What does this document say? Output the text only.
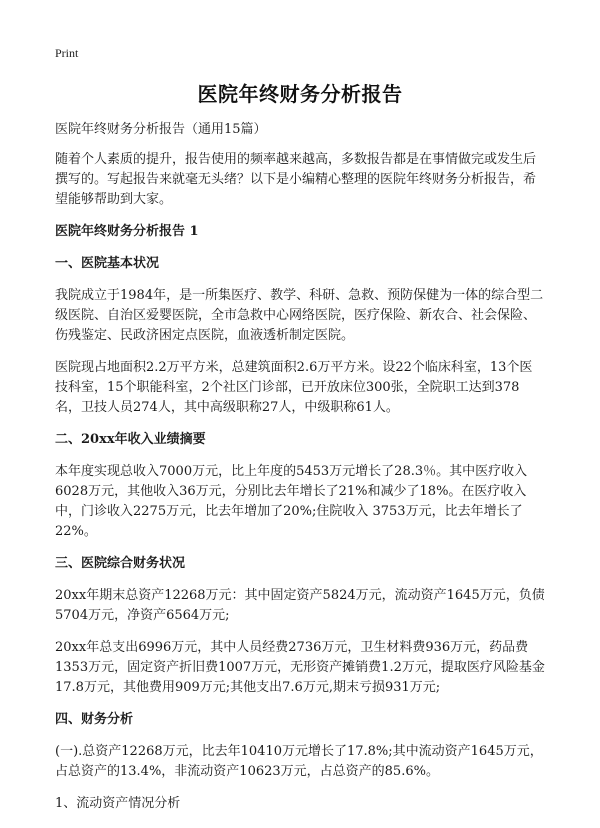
Print
医院年终财务分析报告

医院年终财务分析报告（通用15篇）

随着个人素质的提升，报告使用的频率越来越高，多数报告都是在事情做完或发生后撰写的。写起报告来就毫无头绪？以下是小编精心整理的医院年终财务分析报告，希望能够帮助到大家。

医院年终财务分析报告 1

一、医院基本状况

我院成立于1984年，是一所集医疗、教学、科研、急救、预防保健为一体的综合型二级医院、自治区爱婴医院，全市急救中心网络医院，医疗保险、新农合、社会保险、伤残鉴定、民政济困定点医院，血液透析制定医院。

医院现占地面积2.2万平方米，总建筑面积2.6万平方米。设22个临床科室，13个医技科室，15个职能科室，2个社区门诊部，已开放床位300张，全院职工达到378名，卫技人员274人，其中高级职称27人，中级职称61人。

二、20xx年收入业绩摘要

本年度实现总收入7000万元，比上年度的5453万元增长了28.3％。其中医疗收入6028万元，其他收入36万元，分别比去年增长了21%和减少了18%。在医疗收入中，门诊收入2275万元，比去年增加了20%;住院收入 3753万元，比去年增长了22%。

三、医院综合财务状况

20xx年期末总资产12268万元：其中固定资产5824万元，流动资产1645万元，负债5704万元，净资产6564万元;

20xx年总支出6996万元，其中人员经费2736万元，卫生材料费936万元，药品费1353万元，固定资产折旧费1007万元，无形资产摊销费1.2万元，提取医疗风险基金17.8万元，其他费用909万元;其他支出7.6万元,期末亏损931万元;

四、财务分析

(一).总资产12268万元，比去年10410万元增长了17.8%;其中流动资产1645万元，占总资产的13.4%，非流动资产10623万元，占总资产的85.6%。

1、流动资产情况分析
